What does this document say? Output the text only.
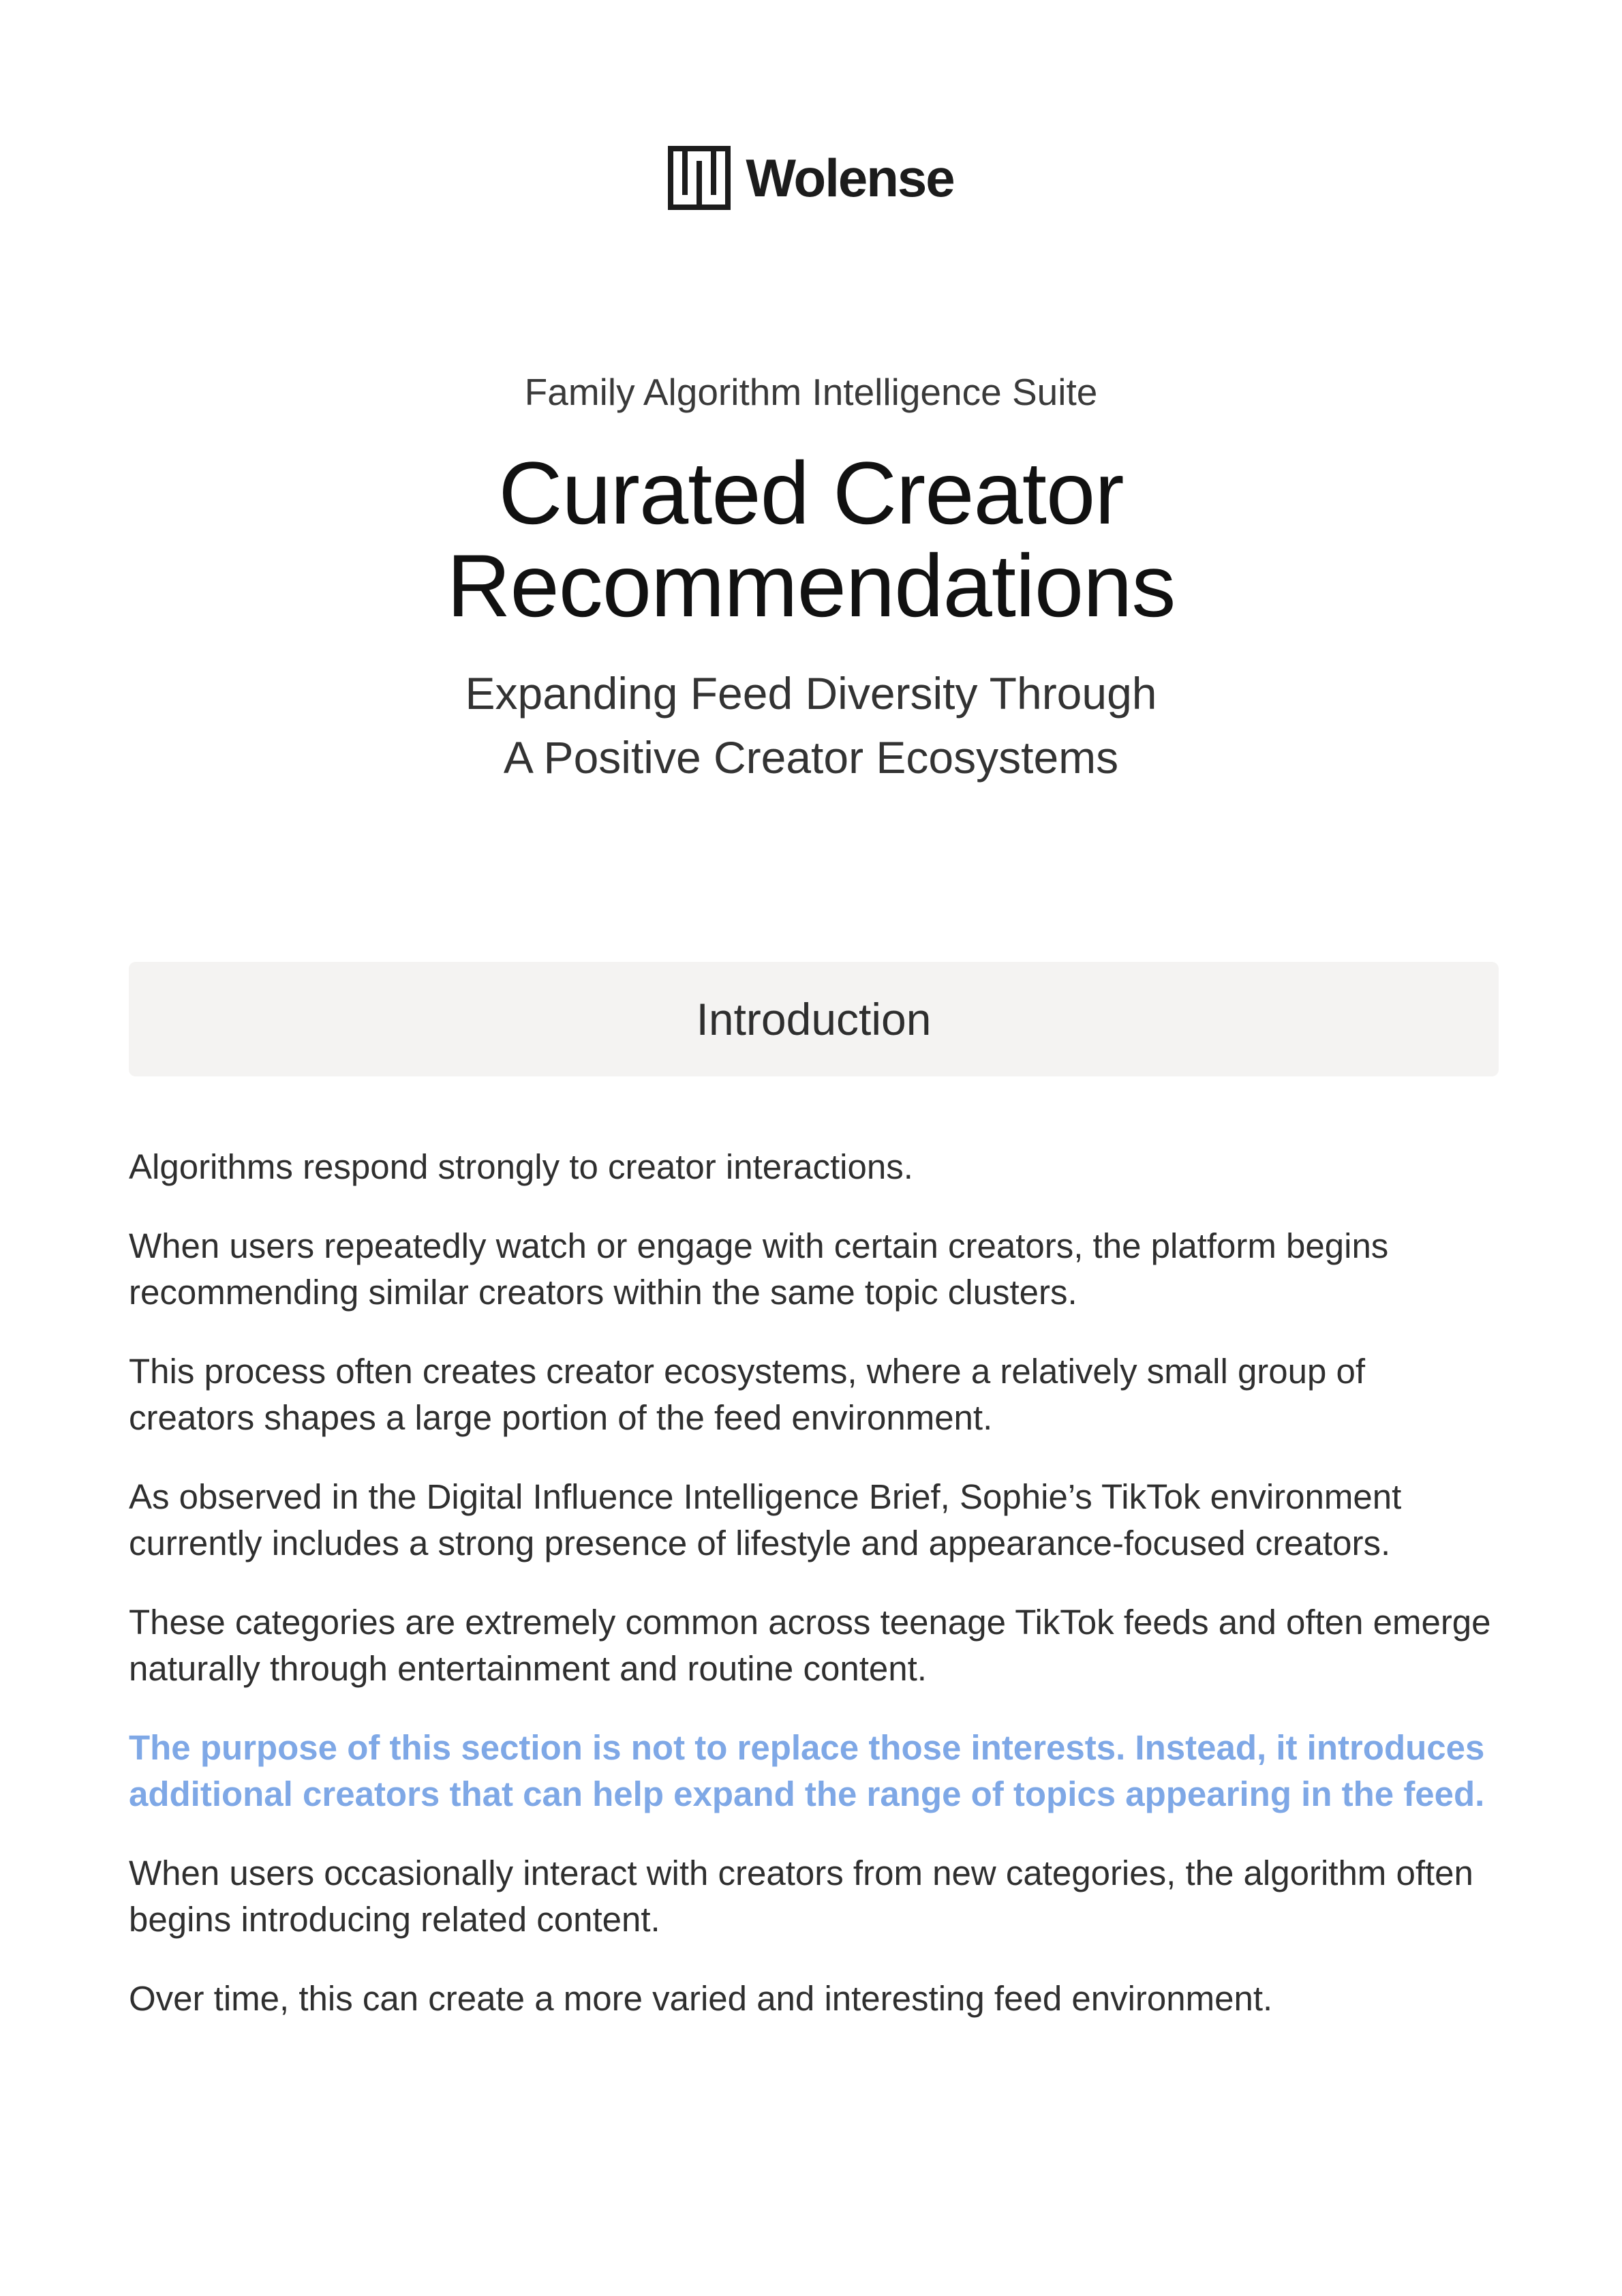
Wolense
Family Algorithm Intelligence Suite
Curated Creator
Recommendations
Expanding Feed Diversity Through
A Positive Creator Ecosystems
Introduction

Algorithms respond strongly to creator interactions.

When users repeatedly watch or engage with certain creators, the platform begins recommending similar creators within the same topic clusters.

This process often creates creator ecosystems, where a relatively small group of creators shapes a large portion of the feed environment.

As observed in the Digital Influence Intelligence Brief, Sophie’s TikTok environment currently includes a strong presence of lifestyle and appearance-focused creators.

These categories are extremely common across teenage TikTok feeds and often emerge naturally through entertainment and routine content.

The purpose of this section is not to replace those interests. Instead, it introduces additional creators that can help expand the range of topics appearing in the feed.

When users occasionally interact with creators from new categories, the algorithm often begins introducing related content.

Over time, this can create a more varied and interesting feed environment.
